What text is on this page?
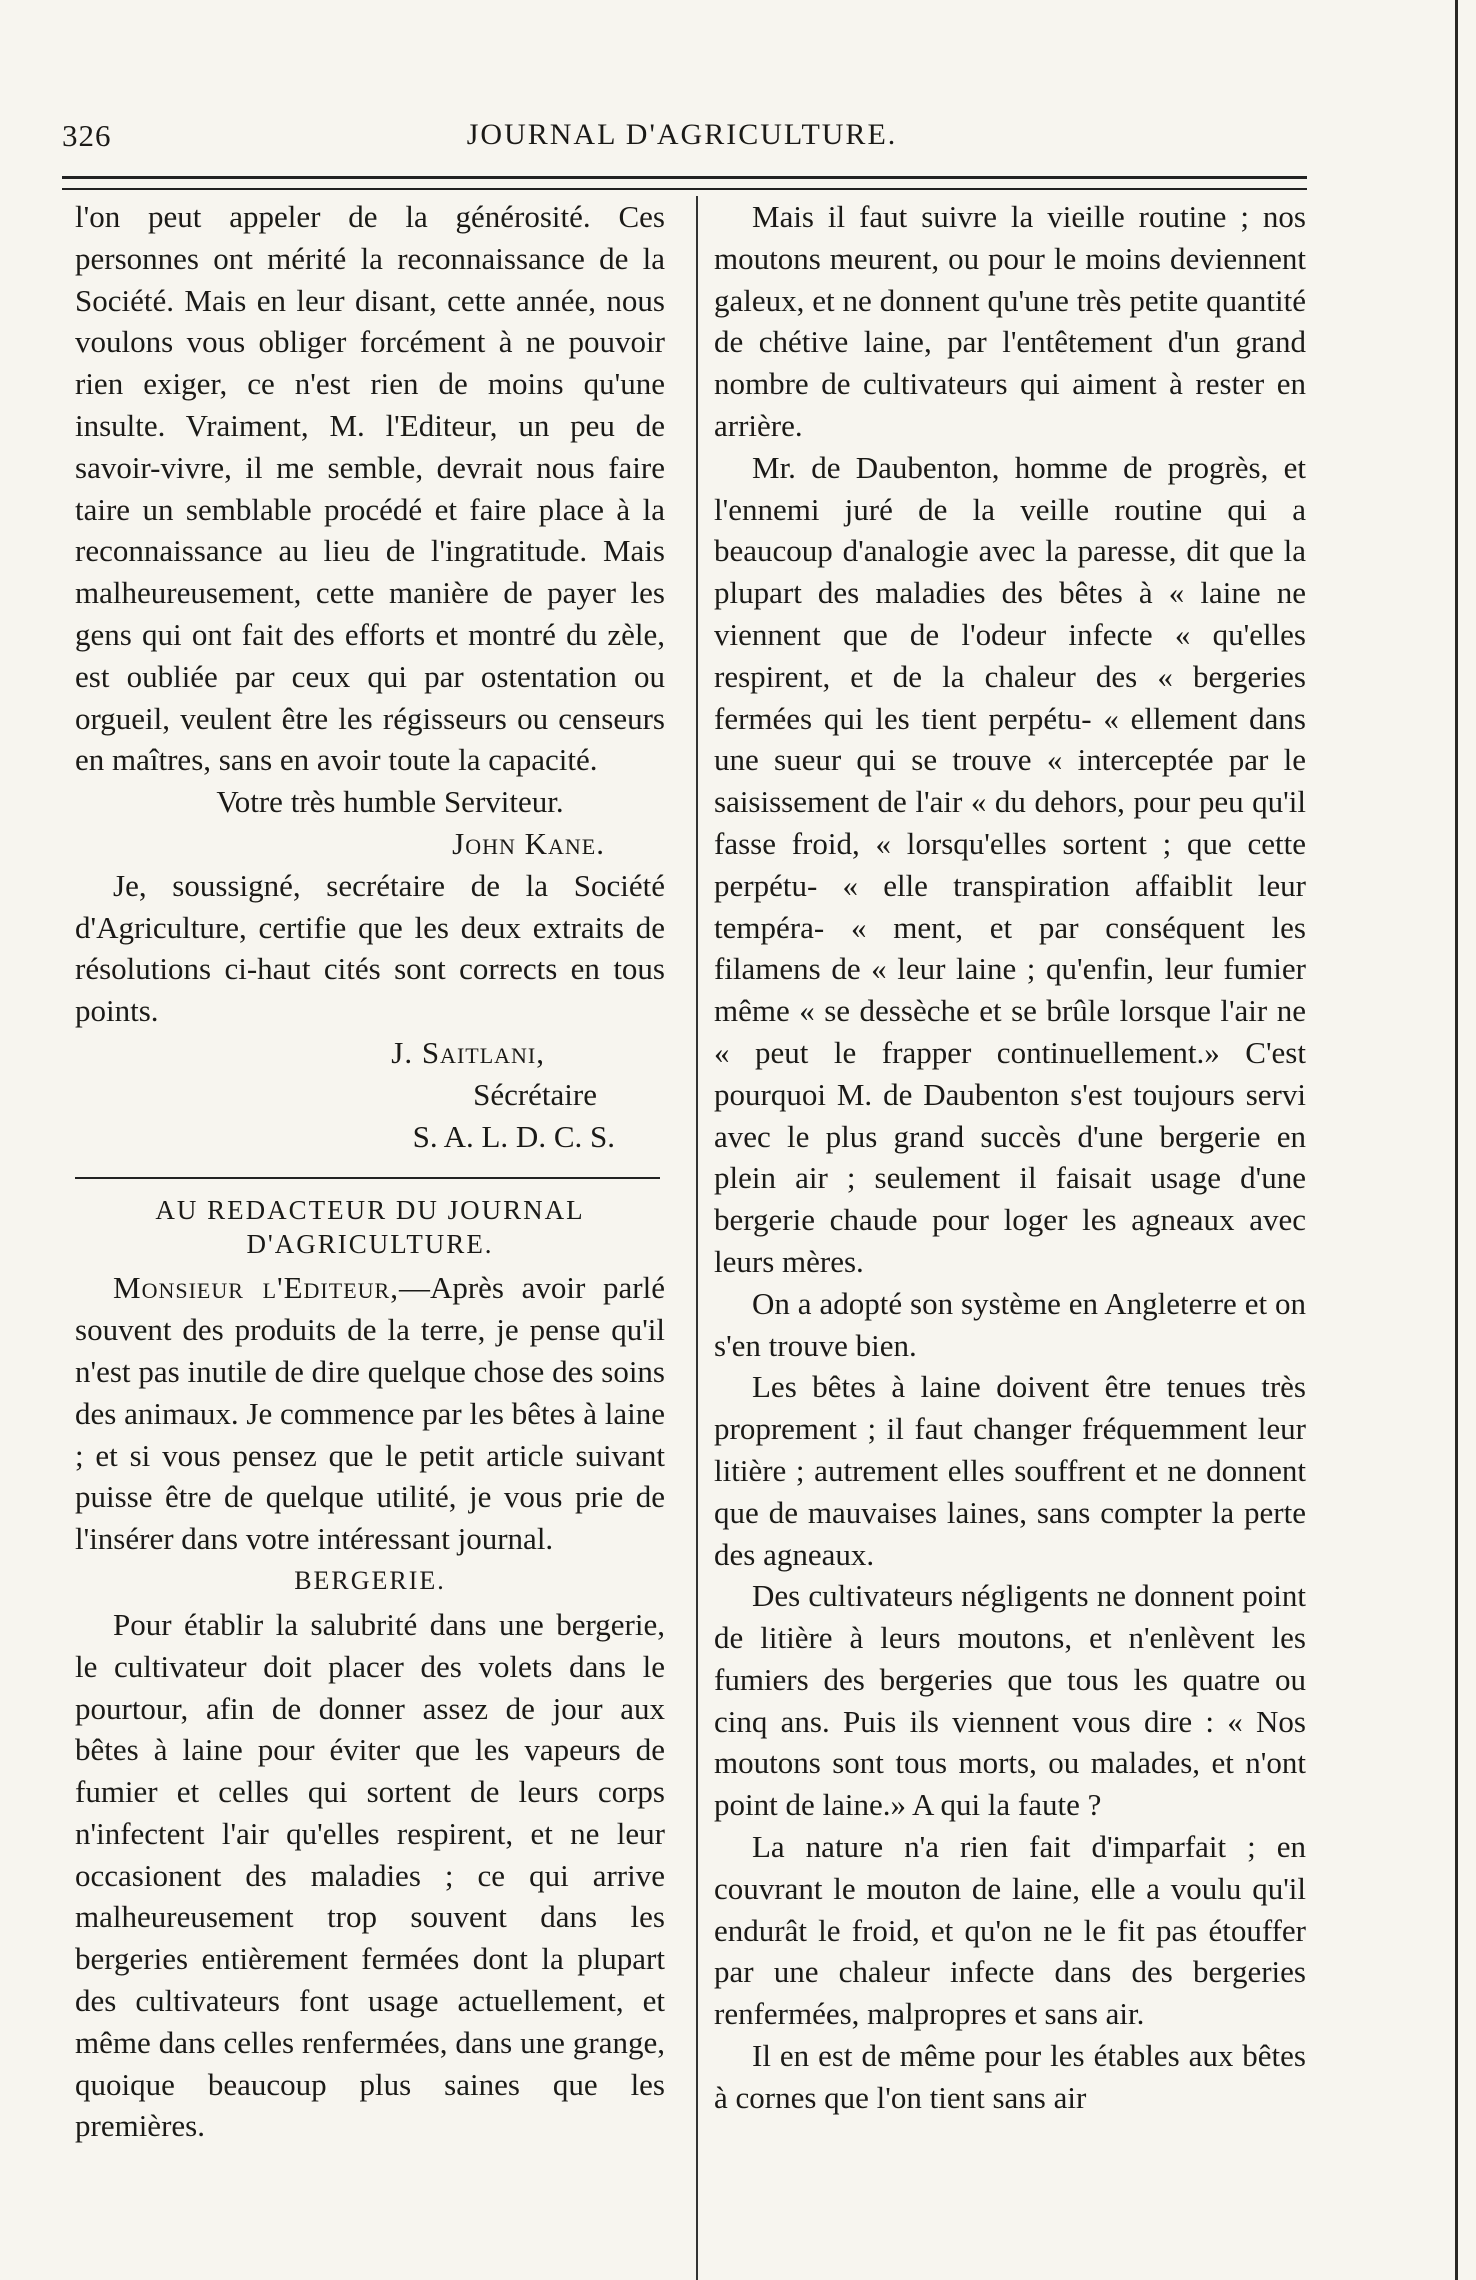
326	JOURNAL D'AGRICULTURE.

l'on peut appeler de la générosité. Ces personnes ont mérité la reconnaissance de la Société. Mais en leur disant, cette année, nous voulons vous obliger forcément à ne pouvoir rien exiger, ce n'est rien de moins qu'une insulte. Vraiment, M. l'Editeur, un peu de savoir-vivre, il me semble, devrait nous faire taire un semblable procédé et faire place à la reconnaissance au lieu de l'ingratitude. Mais malheureusement, cette manière de payer les gens qui ont fait des efforts et montré du zèle, est oubliée par ceux qui par ostentation ou orgueil, veulent être les régisseurs ou censeurs en maîtres, sans en avoir toute la capacité.

Votre très humble Serviteur.

John Kane.

Je, soussigné, secrétaire de la Société d'Agriculture, certifie que les deux extraits de résolutions ci-haut cités sont corrects en tous points.

J. Saitlani,

Sécrétaire

S. A. L. D. C. S.

AU REDACTEUR DU JOURNAL D'AGRICULTURE.

Monsieur l'Editeur,—Après avoir parlé souvent des produits de la terre, je pense qu'il n'est pas inutile de dire quelque chose des soins des animaux. Je commence par les bêtes à laine ; et si vous pensez que le petit article suivant puisse être de quelque utilité, je vous prie de l'insérer dans votre intéressant journal.

BERGERIE.

Pour établir la salubrité dans une bergerie, le cultivateur doit placer des volets dans le pourtour, afin de donner assez de jour aux bêtes à laine pour éviter que les vapeurs de fumier et celles qui sortent de leurs corps n'infectent l'air qu'elles respirent, et ne leur occasionent des maladies ; ce qui arrive malheureusement trop souvent dans les bergeries entièrement fermées dont la plupart des cultivateurs font usage actuellement, et même dans celles renfermées, dans une grange, quoique beaucoup plus saines que les premières.

Mais il faut suivre la vieille routine ; nos moutons meurent, ou pour le moins deviennent galeux, et ne donnent qu'une très petite quantité de chétive laine, par l'entêtement d'un grand nombre de cultivateurs qui aiment à rester en arrière.

Mr. de Daubenton, homme de progrès, et l'ennemi juré de la veille routine qui a beaucoup d'analogie avec la paresse, dit que la plupart des maladies des bêtes à « laine ne viennent que de l'odeur infecte « qu'elles respirent, et de la chaleur des « bergeries fermées qui les tient perpétu- « ellement dans une sueur qui se trouve « interceptée par le saisissement de l'air « du dehors, pour peu qu'il fasse froid, « lorsqu'elles sortent ; que cette perpétu- « elle transpiration affaiblit leur tempéra- « ment, et par conséquent les filamens de « leur laine ; qu'enfin, leur fumier même « se dessèche et se brûle lorsque l'air ne « peut le frapper continuellement.» C'est pourquoi M. de Daubenton s'est toujours servi avec le plus grand succès d'une bergerie en plein air ; seulement il faisait usage d'une bergerie chaude pour loger les agneaux avec leurs mères.

On a adopté son système en Angleterre et on s'en trouve bien.

Les bêtes à laine doivent être tenues très proprement ; il faut changer fréquemment leur litière ; autrement elles souffrent et ne donnent que de mauvaises laines, sans compter la perte des agneaux.

Des cultivateurs négligents ne donnent point de litière à leurs moutons, et n'enlèvent les fumiers des bergeries que tous les quatre ou cinq ans. Puis ils viennent vous dire : « Nos moutons sont tous morts, ou malades, et n'ont point de laine.» A qui la faute ?

La nature n'a rien fait d'imparfait ; en couvrant le mouton de laine, elle a voulu qu'il endurât le froid, et qu'on ne le fit pas étouffer par une chaleur infecte dans des bergeries renfermées, malpropres et sans air.

Il en est de même pour les étables aux bêtes à cornes que l'on tient sans air
